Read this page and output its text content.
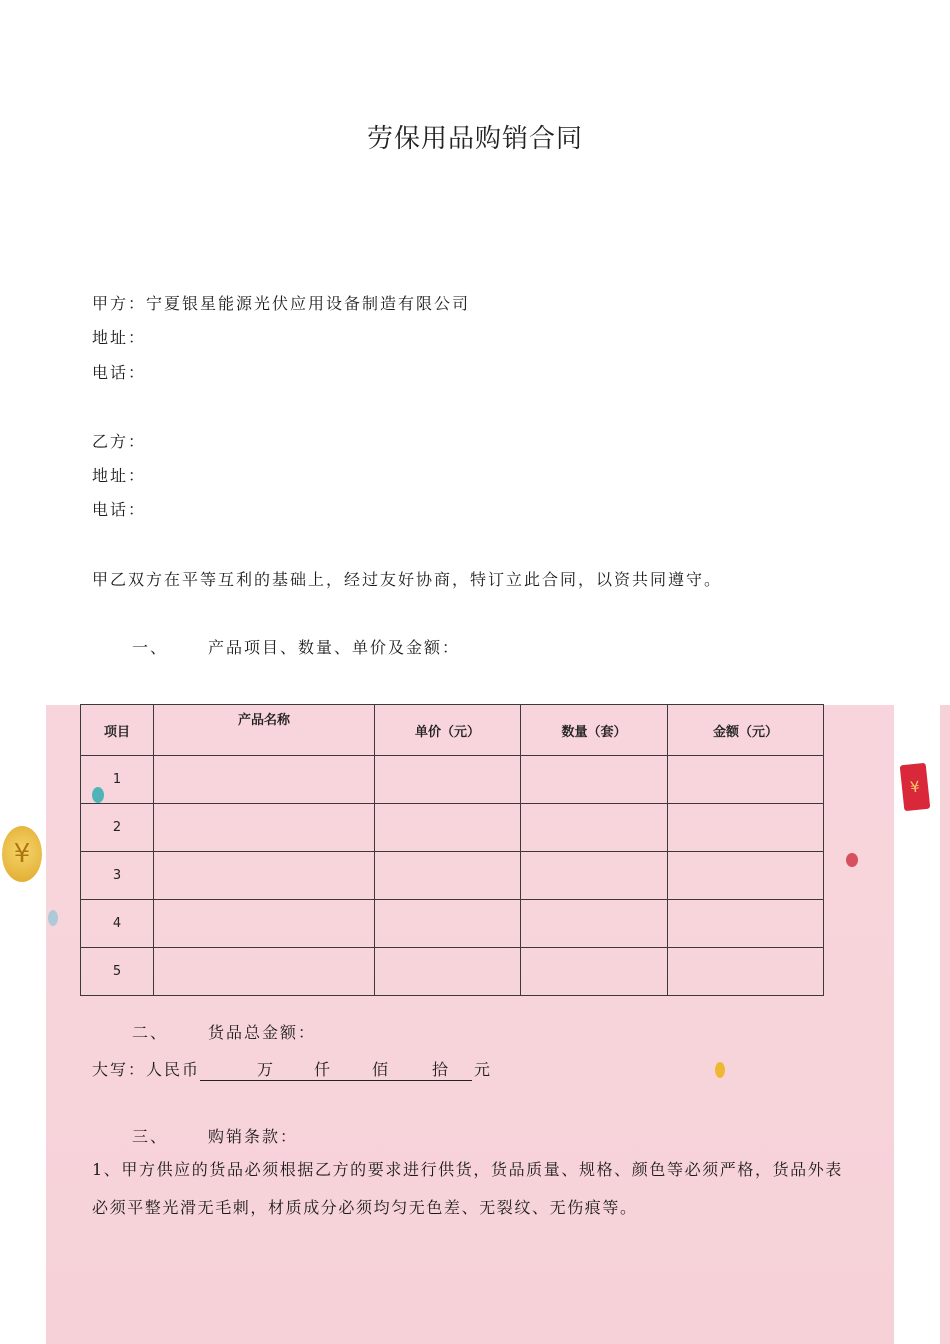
¥
¥
劳保用品购销合同
甲方：宁夏银星能源光伏应用设备制造有限公司
地址：
电话：
乙方：
地址：
电话：
甲乙双方在平等互利的基础上，经过友好协商，特订立此合同，以资共同遵守。
一、 产品项目、数量、单价及金额：
项目	产品名称	单价（元）	数量（套）	金额（元）
1				
2				
3				
4				
5				
二、 货品总金额：
大写：人民币	万 仟 佰	拾 元
三、 购销条款：
1、甲方供应的货品必须根据乙方的要求进行供货，货品质量、规格、颜色等必须严格，货品外表必须平整光滑无毛刺，材质成分必须均匀无色差、无裂纹、无伤痕等。
